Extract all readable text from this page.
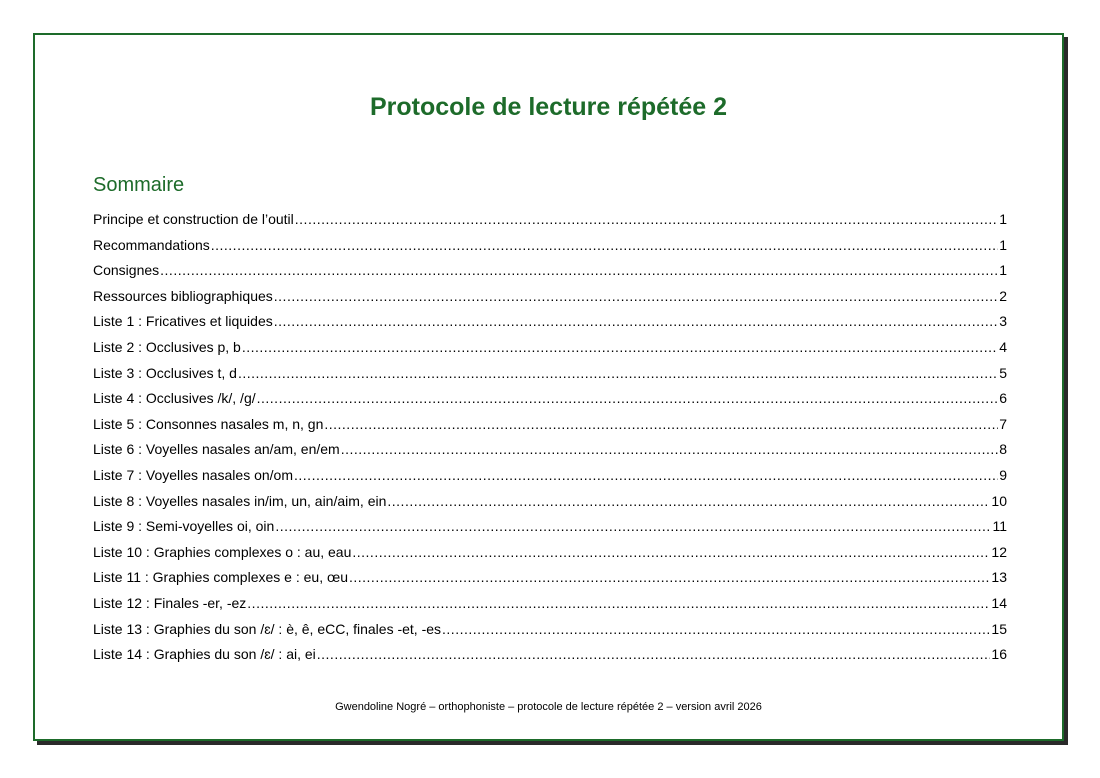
Protocole de lecture répétée 2
Sommaire
Principe et construction de l’outil .....	1
Recommandations .....	1
Consignes .....	1
Ressources bibliographiques .....	2
Liste 1 : Fricatives et liquides .....	3
Liste 2 : Occlusives p, b .....	4
Liste 3 : Occlusives t, d .....	5
Liste 4 : Occlusives /k/, /g/ .....	6
Liste 5 : Consonnes nasales m, n, gn .....	7
Liste 6 : Voyelles nasales an/am, en/em .....	8
Liste 7 : Voyelles nasales on/om .....	9
Liste 8 : Voyelles nasales in/im, un, ain/aim, ein .....	10
Liste 9 : Semi-voyelles oi, oin .....	11
Liste 10 : Graphies complexes o : au, eau .....	12
Liste 11 : Graphies complexes e : eu, œu .....	13
Liste 12 : Finales -er, -ez .....	14
Liste 13 : Graphies du son /ɛ/ : è, ê, eCC, finales -et, -es .....	15
Liste 14 : Graphies du son /ɛ/ : ai, ei .....	16
Gwendoline Nogré – orthophoniste – protocole de lecture répétée 2 – version avril 2026
